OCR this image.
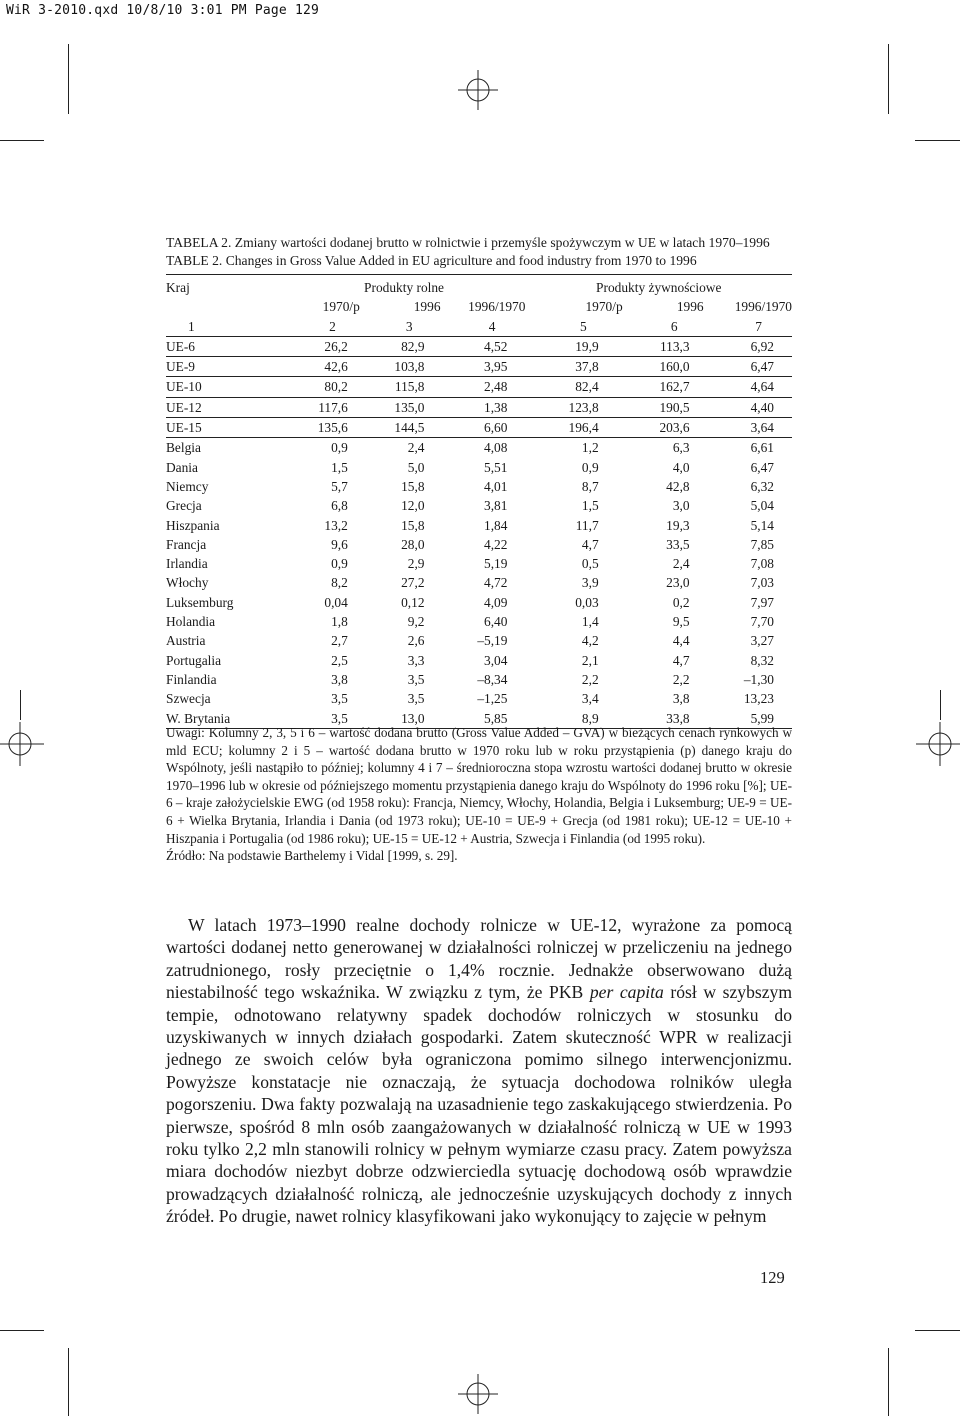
WiR 3-2010.qxd 10/8/10 3:01 PM Page 129
TABELA 2. Zmiany wartości dodanej brutto w rolnictwie i przemyśle spożywczym w UE w latach 1970–1996
TABLE 2. Changes in Gross Value Added in EU agriculture and food industry from 1970 to 1996
Kraj	Produkty rolne			Produkty żywnościowe		
	1970/p	1996	1996/1970	1970/p	1996	1996/1970
1	2	3	4	5	6	7
UE-6	26,2	82,9	4,52	19,9	113,3	6,92
UE-9	42,6	103,8	3,95	37,8	160,0	6,47
UE-10	80,2	115,8	2,48	82,4	162,7	4,64
UE-12	117,6	135,0	1,38	123,8	190,5	4,40
UE-15	135,6	144,5	6,60	196,4	203,6	3,64
Belgia	0,9	2,4	4,08	1,2	6,3	6,61
Dania	1,5	5,0	5,51	0,9	4,0	6,47
Niemcy	5,7	15,8	4,01	8,7	42,8	6,32
Grecja	6,8	12,0	3,81	1,5	3,0	5,04
Hiszpania	13,2	15,8	1,84	11,7	19,3	5,14
Francja	9,6	28,0	4,22	4,7	33,5	7,85
Irlandia	0,9	2,9	5,19	0,5	2,4	7,08
Włochy	8,2	27,2	4,72	3,9	23,0	7,03
Luksemburg	0,04	0,12	4,09	0,03	0,2	7,97
Holandia	1,8	9,2	6,40	1,4	9,5	7,70
Austria	2,7	2,6	–5,19	4,2	4,4	3,27
Portugalia	2,5	3,3	3,04	2,1	4,7	8,32
Finlandia	3,8	3,5	–8,34	2,2	2,2	–1,30
Szwecja	3,5	3,5	–1,25	3,4	3,8	13,23
W. Brytania	3,5	13,0	5,85	8,9	33,8	5,99

Uwagi: Kolumny 2, 3, 5 i 6 – wartość dodana brutto (Gross Value Added – GVA) w bieżących cenach rynkowych w mld ECU; kolumny 2 i 5 – wartość dodana brutto w 1970 roku lub w roku przystąpienia (p) danego kraju do Wspólnoty, jeśli nastąpiło to później; kolumny 4 i 7 – średnioroczna stopa wzrostu wartości dodanej brutto w okresie 1970–1996 lub w okresie od późniejszego momentu przystąpienia danego kraju do Wspólnoty do 1996 roku [%]; UE-6 – kraje założycielskie EWG (od 1958 roku): Francja, Niemcy, Włochy, Holandia, Belgia i Luksemburg; UE-9 = UE-6 + Wielka Brytania, Irlandia i Dania (od 1973 roku); UE-10 = UE-9 + Grecja (od 1981 roku); UE-12 = UE-10 + Hiszpania i Portugalia (od 1986 roku); UE-15 = UE-12 + Austria, Szwecja i Finlandia (od 1995 roku).

Źródło: Na podstawie Barthelemy i Vidal [1999, s. 29].

W latach 1973–1990 realne dochody rolnicze w UE-12, wyrażone za pomocą wartości dodanej netto generowanej w działalności rolniczej w przeliczeniu na jednego zatrudnionego, rosły przeciętnie o 1,4% rocznie. Jednakże obserwowano dużą niestabilność tego wskaźnika. W związku z tym, że PKB per capita rósł w szybszym tempie, odnotowano relatywny spadek dochodów rolniczych w stosunku do uzyskiwanych w innych działach gospodarki. Zatem skuteczność WPR w realizacji jednego ze swoich celów była ograniczona pomimo silnego interwencjonizmu. Powyższe konstatacje nie oznaczają, że sytuacja dochodowa rolników uległa pogorszeniu. Dwa fakty pozwalają na uzasadnienie tego zaskakującego stwierdzenia. Po pierwsze, spośród 8 mln osób zaangażowanych w działalność rolniczą w UE w 1993 roku tylko 2,2 mln stanowili rolnicy w pełnym wymiarze czasu pracy. Zatem powyższa miara dochodów niezbyt dobrze odzwierciedla sytuację dochodową osób wprawdzie prowadzących działalność rolniczą, ale jednocześnie uzyskujących dochody z innych źródeł. Po drugie, nawet rolnicy klasyfikowani jako wykonujący to zajęcie w pełnym

129
